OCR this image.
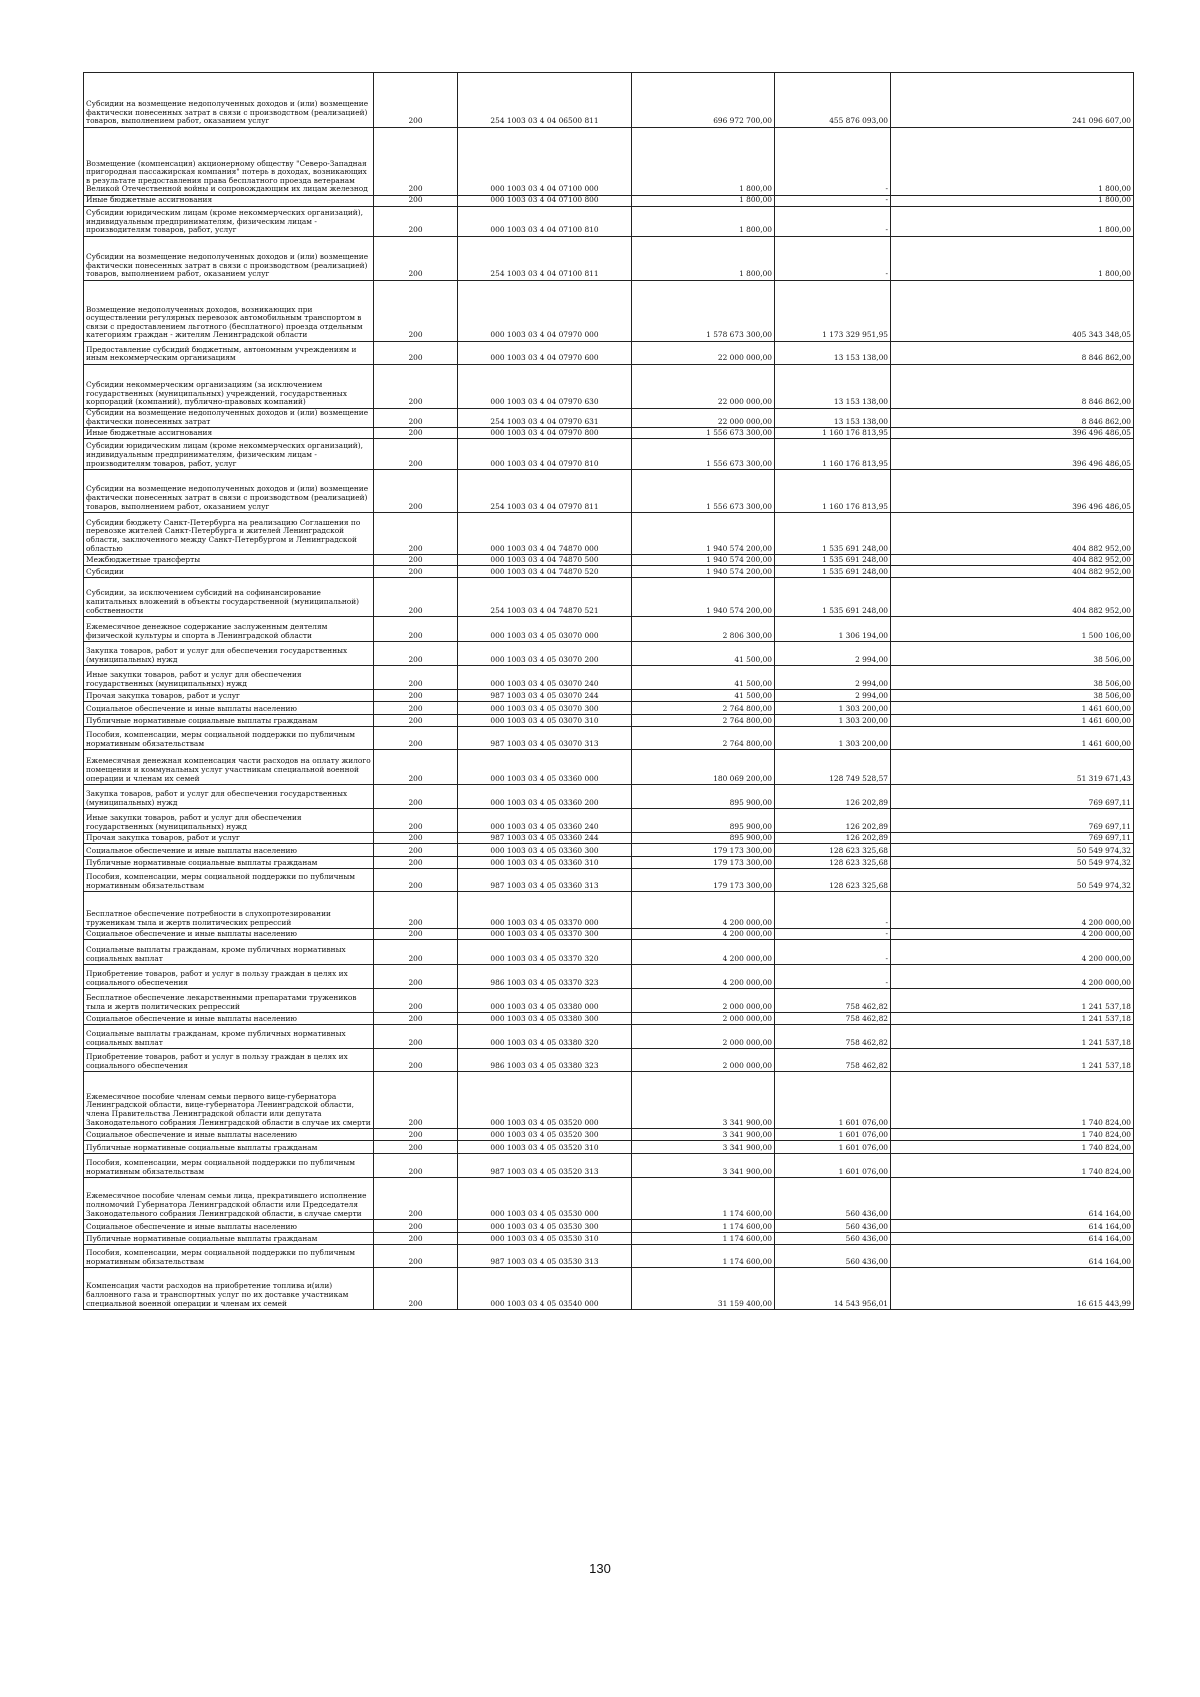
Субсидии на возмещение недополученных доходов и (или) возмещение фактически понесенных затрат в связи с производством (реализацией) товаров, выполнением работ, оказанием услуг	200	254 1003 03 4 04 06500 811	696 972 700,00	455 876 093,00	241 096 607,00
Возмещение (компенсация) акционерному обществу "Северо-Западная пригородная пассажирская компания" потерь в доходах, возникающих в результате предоставления права бесплатного проезда ветеранам Великой Отечественной войны и сопровождающим их лицам железнод	200	000 1003 03 4 04 07100 000	1 800,00	-	1 800,00
Иные бюджетные ассигнования	200	000 1003 03 4 04 07100 800	1 800,00	-	1 800,00
Субсидии юридическим лицам (кроме некоммерческих организаций), индивидуальным предпринимателям, физическим лицам - производителям товаров, работ, услуг	200	000 1003 03 4 04 07100 810	1 800,00	-	1 800,00
Субсидии на возмещение недополученных доходов и (или) возмещение фактически понесенных затрат в связи с производством (реализацией) товаров, выполнением работ, оказанием услуг	200	254 1003 03 4 04 07100 811	1 800,00	-	1 800,00
Возмещение недополученных доходов, возникающих при осуществлении регулярных перевозок автомобильным транспортом в связи с предоставлением льготного (бесплатного) проезда отдельным категориям граждан - жителям Ленинградской области	200	000 1003 03 4 04 07970 000	1 578 673 300,00	1 173 329 951,95	405 343 348,05
Предоставление субсидий бюджетным, автономным учреждениям и иным некоммерческим организациям	200	000 1003 03 4 04 07970 600	22 000 000,00	13 153 138,00	8 846 862,00
Субсидии некоммерческим организациям (за исключением государственных (муниципальных) учреждений, государственных корпораций (компаний), публично-правовых компаний)	200	000 1003 03 4 04 07970 630	22 000 000,00	13 153 138,00	8 846 862,00
Субсидии на возмещение недополученных доходов и (или) возмещение фактически понесенных затрат	200	254 1003 03 4 04 07970 631	22 000 000,00	13 153 138,00	8 846 862,00
Иные бюджетные ассигнования	200	000 1003 03 4 04 07970 800	1 556 673 300,00	1 160 176 813,95	396 496 486,05
Субсидии юридическим лицам (кроме некоммерческих организаций), индивидуальным предпринимателям, физическим лицам - производителям товаров, работ, услуг	200	000 1003 03 4 04 07970 810	1 556 673 300,00	1 160 176 813,95	396 496 486,05
Субсидии на возмещение недополученных доходов и (или) возмещение фактически понесенных затрат в связи с производством (реализацией) товаров, выполнением работ, оказанием услуг	200	254 1003 03 4 04 07970 811	1 556 673 300,00	1 160 176 813,95	396 496 486,05
Субсидии бюджету Санкт-Петербурга на реализацию Соглашения по перевозке жителей Санкт-Петербурга и жителей Ленинградской области, заключенного между Санкт-Петербургом и Ленинградской областью	200	000 1003 03 4 04 74870 000	1 940 574 200,00	1 535 691 248,00	404 882 952,00
Межбюджетные трансферты	200	000 1003 03 4 04 74870 500	1 940 574 200,00	1 535 691 248,00	404 882 952,00
Субсидии	200	000 1003 03 4 04 74870 520	1 940 574 200,00	1 535 691 248,00	404 882 952,00
Субсидии, за исключением субсидий на софинансирование капитальных вложений в объекты государственной (муниципальной) собственности	200	254 1003 03 4 04 74870 521	1 940 574 200,00	1 535 691 248,00	404 882 952,00
Ежемесячное денежное содержание заслуженным деятелям физической культуры и спорта в Ленинградской области	200	000 1003 03 4 05 03070 000	2 806 300,00	1 306 194,00	1 500 106,00
Закупка товаров, работ и услуг для обеспечения государственных (муниципальных) нужд	200	000 1003 03 4 05 03070 200	41 500,00	2 994,00	38 506,00
Иные закупки товаров, работ и услуг для обеспечения государственных (муниципальных) нужд	200	000 1003 03 4 05 03070 240	41 500,00	2 994,00	38 506,00
Прочая закупка товаров, работ и услуг	200	987 1003 03 4 05 03070 244	41 500,00	2 994,00	38 506,00
Социальное обеспечение и иные выплаты населению	200	000 1003 03 4 05 03070 300	2 764 800,00	1 303 200,00	1 461 600,00
Публичные нормативные социальные выплаты гражданам	200	000 1003 03 4 05 03070 310	2 764 800,00	1 303 200,00	1 461 600,00
Пособия, компенсации, меры социальной поддержки по публичным нормативным обязательствам	200	987 1003 03 4 05 03070 313	2 764 800,00	1 303 200,00	1 461 600,00
Ежемесячная денежная компенсация части расходов на оплату жилого помещения и коммунальных услуг участникам специальной военной операции и членам их семей	200	000 1003 03 4 05 03360 000	180 069 200,00	128 749 528,57	51 319 671,43
Закупка товаров, работ и услуг для обеспечения государственных (муниципальных) нужд	200	000 1003 03 4 05 03360 200	895 900,00	126 202,89	769 697,11
Иные закупки товаров, работ и услуг для обеспечения государственных (муниципальных) нужд	200	000 1003 03 4 05 03360 240	895 900,00	126 202,89	769 697,11
Прочая закупка товаров, работ и услуг	200	987 1003 03 4 05 03360 244	895 900,00	126 202,89	769 697,11
Социальное обеспечение и иные выплаты населению	200	000 1003 03 4 05 03360 300	179 173 300,00	128 623 325,68	50 549 974,32
Публичные нормативные социальные выплаты гражданам	200	000 1003 03 4 05 03360 310	179 173 300,00	128 623 325,68	50 549 974,32
Пособия, компенсации, меры социальной поддержки по публичным нормативным обязательствам	200	987 1003 03 4 05 03360 313	179 173 300,00	128 623 325,68	50 549 974,32
Бесплатное обеспечение потребности в слухопротезировании труженикам тыла и жертв политических репрессий	200	000 1003 03 4 05 03370 000	4 200 000,00	-	4 200 000,00
Социальное обеспечение и иные выплаты населению	200	000 1003 03 4 05 03370 300	4 200 000,00	-	4 200 000,00
Социальные выплаты гражданам, кроме публичных нормативных социальных выплат	200	000 1003 03 4 05 03370 320	4 200 000,00	-	4 200 000,00
Приобретение товаров, работ и услуг в пользу граждан в целях их социального обеспечения	200	986 1003 03 4 05 03370 323	4 200 000,00	-	4 200 000,00
Бесплатное обеспечение лекарственными препаратами тружеников тыла и жертв политических репрессий	200	000 1003 03 4 05 03380 000	2 000 000,00	758 462,82	1 241 537,18
Социальное обеспечение и иные выплаты населению	200	000 1003 03 4 05 03380 300	2 000 000,00	758 462,82	1 241 537,18
Социальные выплаты гражданам, кроме публичных нормативных социальных выплат	200	000 1003 03 4 05 03380 320	2 000 000,00	758 462,82	1 241 537,18
Приобретение товаров, работ и услуг в пользу граждан в целях их социального обеспечения	200	986 1003 03 4 05 03380 323	2 000 000,00	758 462,82	1 241 537,18
Ежемесячное пособие членам семьи первого вице-губернатора Ленинградской области, вице-губернатора Ленинградской области, члена Правительства Ленинградской области или депутата Законодательного собрания Ленинградской области в случае их смерти	200	000 1003 03 4 05 03520 000	3 341 900,00	1 601 076,00	1 740 824,00
Социальное обеспечение и иные выплаты населению	200	000 1003 03 4 05 03520 300	3 341 900,00	1 601 076,00	1 740 824,00
Публичные нормативные социальные выплаты гражданам	200	000 1003 03 4 05 03520 310	3 341 900,00	1 601 076,00	1 740 824,00
Пособия, компенсации, меры социальной поддержки по публичным нормативным обязательствам	200	987 1003 03 4 05 03520 313	3 341 900,00	1 601 076,00	1 740 824,00
Ежемесячное пособие членам семьи лица, прекратившего исполнение полномочий Губернатора Ленинградской области или Председателя Законодательного собрания Ленинградской области, в случае смерти	200	000 1003 03 4 05 03530 000	1 174 600,00	560 436,00	614 164,00
Социальное обеспечение и иные выплаты населению	200	000 1003 03 4 05 03530 300	1 174 600,00	560 436,00	614 164,00
Публичные нормативные социальные выплаты гражданам	200	000 1003 03 4 05 03530 310	1 174 600,00	560 436,00	614 164,00
Пособия, компенсации, меры социальной поддержки по публичным нормативным обязательствам	200	987 1003 03 4 05 03530 313	1 174 600,00	560 436,00	614 164,00
Компенсация части расходов на приобретение топлива и(или) баллонного газа и транспортных услуг по их доставке участникам специальной военной операции и членам их семей	200	000 1003 03 4 05 03540 000	31 159 400,00	14 543 956,01	16 615 443,99
130
